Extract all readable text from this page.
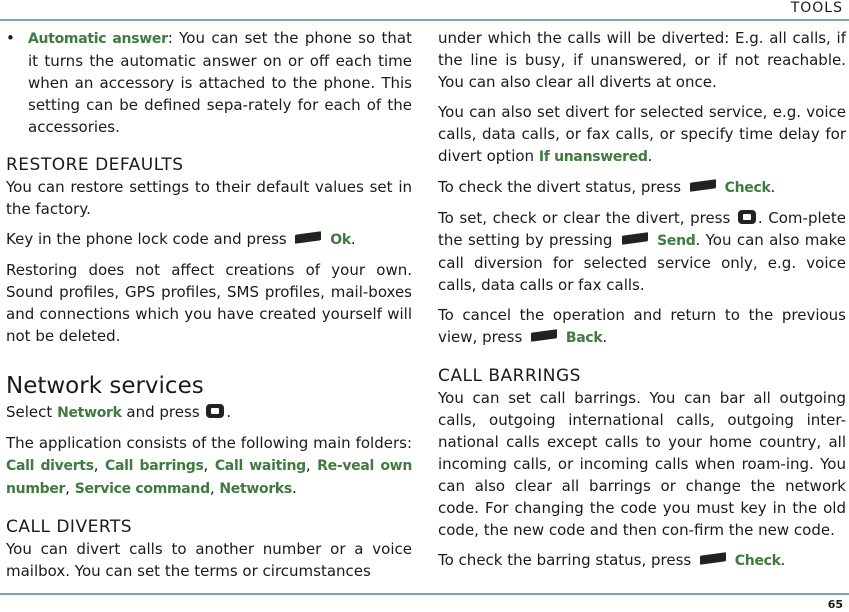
TOOLS

• Automatic answer: You can set the phone so that it turns the automatic answer on or off each time when an accessory is attached to the phone. This setting can be defined sepa-rately for each of the accessories.

RESTORE DEFAULTS

You can restore settings to their default values set in the factory.

Key in the phone lock code and press	Ok.

Restoring does not affect creations of your own. Sound profiles, GPS profiles, SMS profiles, mail-boxes and connections which you have created yourself will not be deleted.

Network services

Select Network and press .

The application consists of the following main folders: Call diverts, Call barrings, Call waiting, Re-veal own number, Service command, Networks.

CALL DIVERTS

You can divert calls to another number or a voice mailbox. You can set the terms or circumstances

under which the calls will be diverted: E.g. all calls, if the line is busy, if unanswered, or if not reachable. You can also clear all diverts at once.

You can also set divert for selected service, e.g. voice calls, data calls, or fax calls, or specify time delay for divert option If unanswered.

To check the divert status, press	Check.

To set, check or clear the divert, press . Com-plete the setting by pressing	Send. You can also make call diversion for selected service only, e.g. voice calls, data calls or fax calls.

To cancel the operation and return to the previous view, press	Back.

CALL BARRINGS

You can set call barrings. You can bar all outgoing calls, outgoing international calls, outgoing inter-national calls except calls to your home country, all incoming calls, or incoming calls when roam-ing. You can also clear all barrings or change the network code. For changing the code you must key in the old code, the new code and then con-firm the new code.

To check the barring status, press	Check.

65
